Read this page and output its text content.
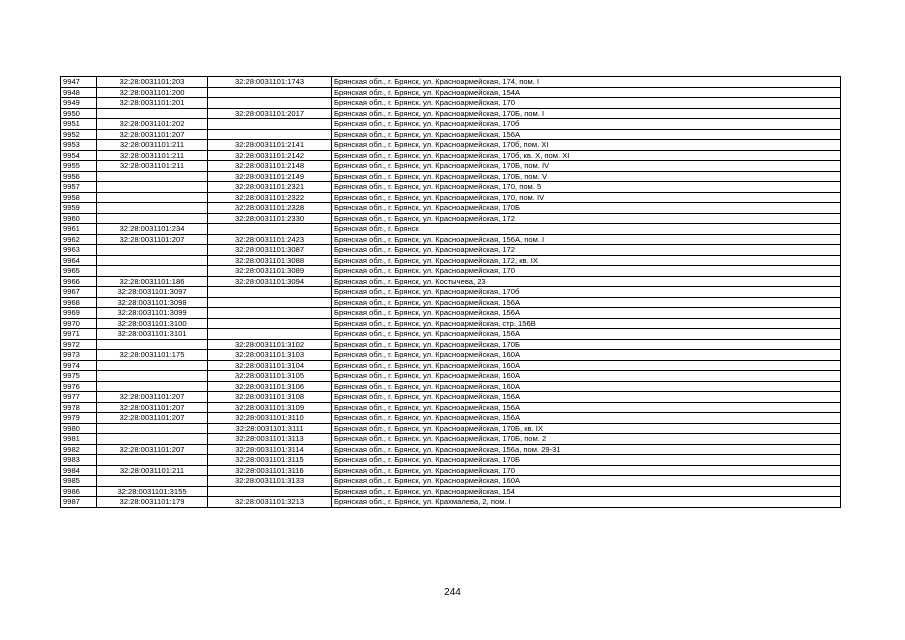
9947	32:28:0031101:203	32:28:0031101:1743	Брянская обл., г. Брянск, ул. Красноармейская, 174, пом. I
9948	32:28:0031101:200		Брянская обл., г. Брянск, ул. Красноармейская, 154А
9949	32:28:0031101:201		Брянская обл., г. Брянск, ул. Красноармейская, 170
9950		32:28:0031101:2017	Брянская обл., г. Брянск, ул. Красноармейская, 170Б, пом. I
9951	32:28:0031101:202		Брянская обл., г. Брянск, ул. Красноармейская, 170б
9952	32:28:0031101:207		Брянская обл., г. Брянск, ул. Красноармейская, 156А
9953	32:28:0031101:211	32:28:0031101:2141	Брянская обл., г. Брянск, ул. Красноармейская, 170б, пом. XI
9954	32:28:0031101:211	32:28:0031101:2142	Брянская обл., г. Брянск, ул. Красноармейская, 170б, кв. X, пом. XI
9955	32:28:0031101:211	32:28:0031101:2148	Брянская обл., г. Брянск, ул. Красноармейская, 170Б, пом. IV
9956		32:28:0031101:2149	Брянская обл., г. Брянск, ул. Красноармейская, 170Б, пом. V
9957		32:28:0031101:2321	Брянская обл., г. Брянск, ул. Красноармейская, 170, пом. 5
9958		32:28:0031101:2322	Брянская обл., г. Брянск, ул. Красноармейская, 170, пом. IV
9959		32:28:0031101:2328	Брянская обл., г. Брянск, ул. Красноармейская, 170Б
9960		32:28:0031101:2330	Брянская обл., г. Брянск, ул. Красноармейская, 172
9961	32:28:0031101:234		Брянская обл., г. Брянск
9962	32:28:0031101:207	32:28:0031101:2423	Брянская обл., г. Брянск, ул. Красноармейская, 156А, пом. I
9963		32:28:0031101:3087	Брянская обл., г. Брянск, ул. Красноармейская, 172
9964		32:28:0031101:3088	Брянская обл., г. Брянск, ул. Красноармейская, 172, кв. IX
9965		32:28:0031101:3089	Брянская обл., г. Брянск, ул. Красноармейская, 170
9966	32:28:0031101:186	32:28:0031101:3094	Брянская обл., г. Брянск, ул. Костычева, 23
9967	32:28:0031101:3097		Брянская обл., г. Брянск, ул. Красноармейская, 170б
9968	32:28:0031101:3098		Брянская обл., г. Брянск, ул. Красноармейская, 156А
9969	32:28:0031101:3099		Брянская обл., г. Брянск, ул. Красноармейская, 156А
9970	32:28:0031101:3100		Брянская обл., г. Брянск, ул. Красноармейская, стр. 156В
9971	32:28:0031101:3101		Брянская обл., г. Брянск, ул. Красноармейская, 156А
9972		32:28:0031101:3102	Брянская обл., г. Брянск, ул. Красноармейская, 170Б
9973	32:28:0031101:175	32:28:0031101:3103	Брянская обл., г. Брянск, ул. Красноармейская, 160А
9974		32:28:0031101:3104	Брянская обл., г. Брянск, ул. Красноармейская, 160А
9975		32:28:0031101:3105	Брянская обл., г. Брянск, ул. Красноармейская, 160А
9976		32:28:0031101:3106	Брянская обл., г. Брянск, ул. Красноармейская, 160А
9977	32:28:0031101:207	32:28:0031101:3108	Брянская обл., г. Брянск, ул. Красноармейская, 156А
9978	32:28:0031101:207	32:28:0031101:3109	Брянская обл., г. Брянск, ул. Красноармейская, 156А
9979	32:28:0031101:207	32:28:0031101:3110	Брянская обл., г. Брянск, ул. Красноармейская, 156А
9980		32:28:0031101:3111	Брянская обл., г. Брянск, ул. Красноармейская, 170Б, кв. IX
9981		32:28:0031101:3113	Брянская обл., г. Брянск, ул. Красноармейская, 170Б, пом. 2
9982	32:28:0031101:207	32:28:0031101:3114	Брянская обл., г. Брянск, ул. Красноармейская, 156а, пом. 29-31
9983		32:28:0031101:3115	Брянская обл., г. Брянск, ул. Красноармейская, 170Б
9984	32:28:0031101:211	32:28:0031101:3116	Брянская обл., г. Брянск, ул. Красноармейская, 170
9985		32:28:0031101:3133	Брянская обл., г. Брянск, ул. Красноармейская, 160А
9986	32:28:0031101:3155		Брянская обл., г. Брянск, ул. Красноармейская, 154
9987	32:28:0031101:179	32:28:0031101:3213	Брянская обл., г. Брянск, ул. Крахмалева, 2, пом. I
244
